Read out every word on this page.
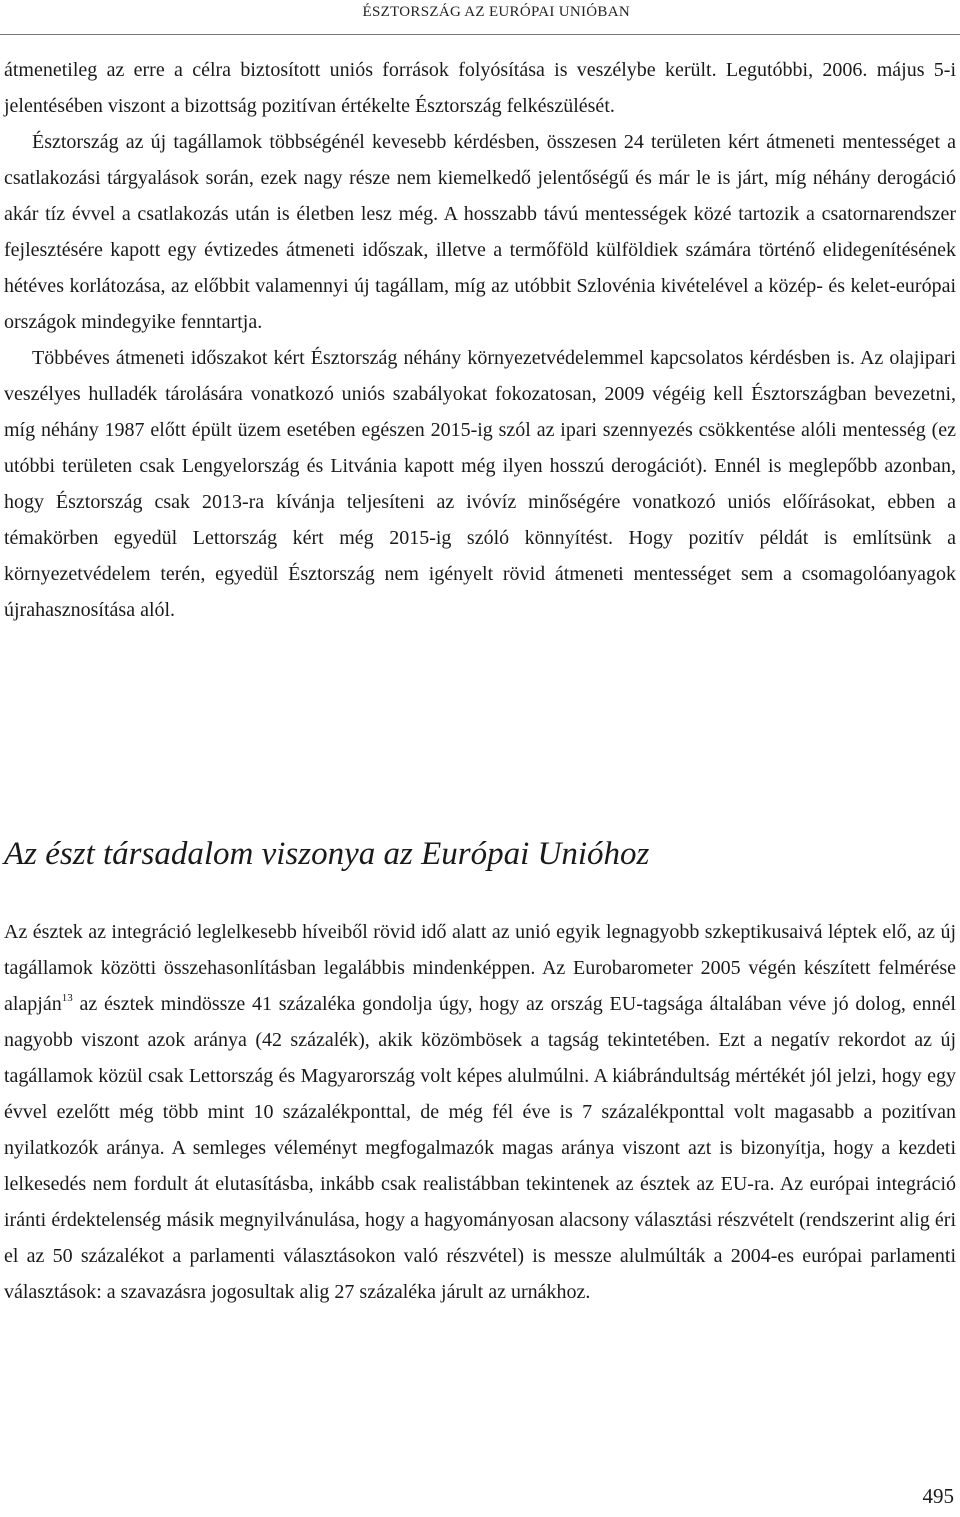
ÉSZTORSZÁG AZ EURÓPAI UNIÓBAN

átmenetileg az erre a célra biztosított uniós források folyósítása is veszélybe került. Legutóbbi, 2006. május 5-i jelentésében viszont a bizottság pozitívan értékelte Észtország felkészülését.

Észtország az új tagállamok többségénél kevesebb kérdésben, összesen 24 területen kért átmeneti mentességet a csatlakozási tárgyalások során, ezek nagy része nem kiemelkedő jelentőségű és már le is járt, míg néhány derogáció akár tíz évvel a csatlakozás után is életben lesz még. A hosszabb távú mentességek közé tartozik a csatornarendszer fejlesztésére kapott egy évtizedes átmeneti időszak, illetve a termőföld külföldiek számára történő elidegenítésének hétéves korlátozása, az előbbit valamennyi új tagállam, míg az utóbbit Szlovénia kivételével a közép- és kelet-európai országok mindegyike fenntartja.

Többéves átmeneti időszakot kért Észtország néhány környezetvédelemmel kapcsolatos kérdésben is. Az olajipari veszélyes hulladék tárolására vonatkozó uniós szabályokat fokozatosan, 2009 végéig kell Észtországban bevezetni, míg néhány 1987 előtt épült üzem esetében egészen 2015-ig szól az ipari szennyezés csökkentése alóli mentesség (ez utóbbi területen csak Lengyelország és Litvánia kapott még ilyen hosszú derogációt). Ennél is meglepőbb azonban, hogy Észtország csak 2013-ra kívánja teljesíteni az ivóvíz minőségére vonatkozó uniós előírásokat, ebben a témakörben egyedül Lettország kért még 2015-ig szóló könnyítést. Hogy pozitív példát is említsünk a környezetvédelem terén, egyedül Észtország nem igényelt rövid átmeneti mentességet sem a csomagolóanyagok újrahasznosítása alól.

Az észt társadalom viszonya az Európai Unióhoz

Az észtek az integráció leglelkesebb híveiből rövid idő alatt az unió egyik legnagyobb szkeptikusaivá léptek elő, az új tagállamok közötti összehasonlításban legalábbis mindenképpen. Az Eurobarometer 2005 végén készített felmérése alapján$^{13}$ az észtek mindössze 41 százaléka gondolja úgy, hogy az ország EU-tagsága általában véve jó dolog, ennél nagyobb viszont azok aránya (42 százalék), akik közömbösek a tagság tekintetében. Ezt a negatív rekordot az új tagállamok közül csak Lettország és Magyarország volt képes alulmúlni. A kiábrándultság mértékét jól jelzi, hogy egy évvel ezelőtt még több mint 10 százalékponttal, de még fél éve is 7 százalékponttal volt magasabb a pozitívan nyilatkozók aránya. A semleges véleményt megfogalmazók magas aránya viszont azt is bizonyítja, hogy a kezdeti lelkesedés nem fordult át elutasításba, inkább csak realistábban tekintenek az észtek az EU-ra. Az európai integráció iránti érdektelenség másik megnyilvánulása, hogy a hagyományosan alacsony választási részvételt (rendszerint alig éri el az 50 százalékot a parlamenti választásokon való részvétel) is messze alulmúlták a 2004-es európai parlamenti választások: a szavazásra jogosultak alig 27 százaléka járult az urnákhoz.

495
